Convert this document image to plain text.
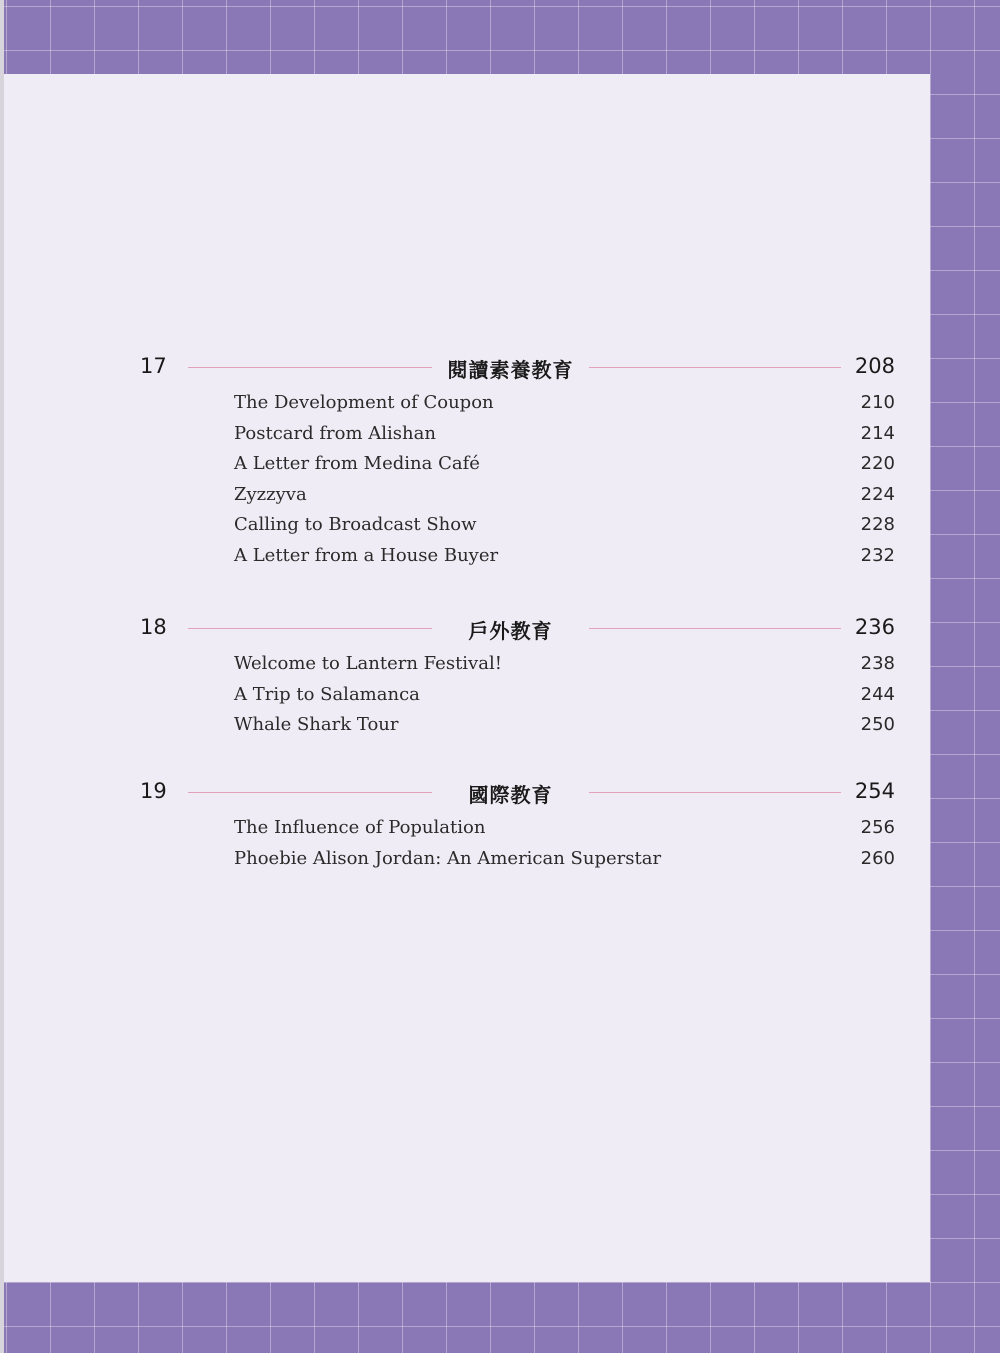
17	閱讀素養教育	208
The Development of Coupon	210
Postcard from Alishan	214
A Letter from Medina Café	220
Zyzzyva	224
Calling to Broadcast Show	228
A Letter from a House Buyer	232
18	戶外教育	236
Welcome to Lantern Festival!	238
A Trip to Salamanca	244
Whale Shark Tour	250
19	國際教育	254
The Influence of Population	256
Phoebie Alison Jordan: An American Superstar	260
